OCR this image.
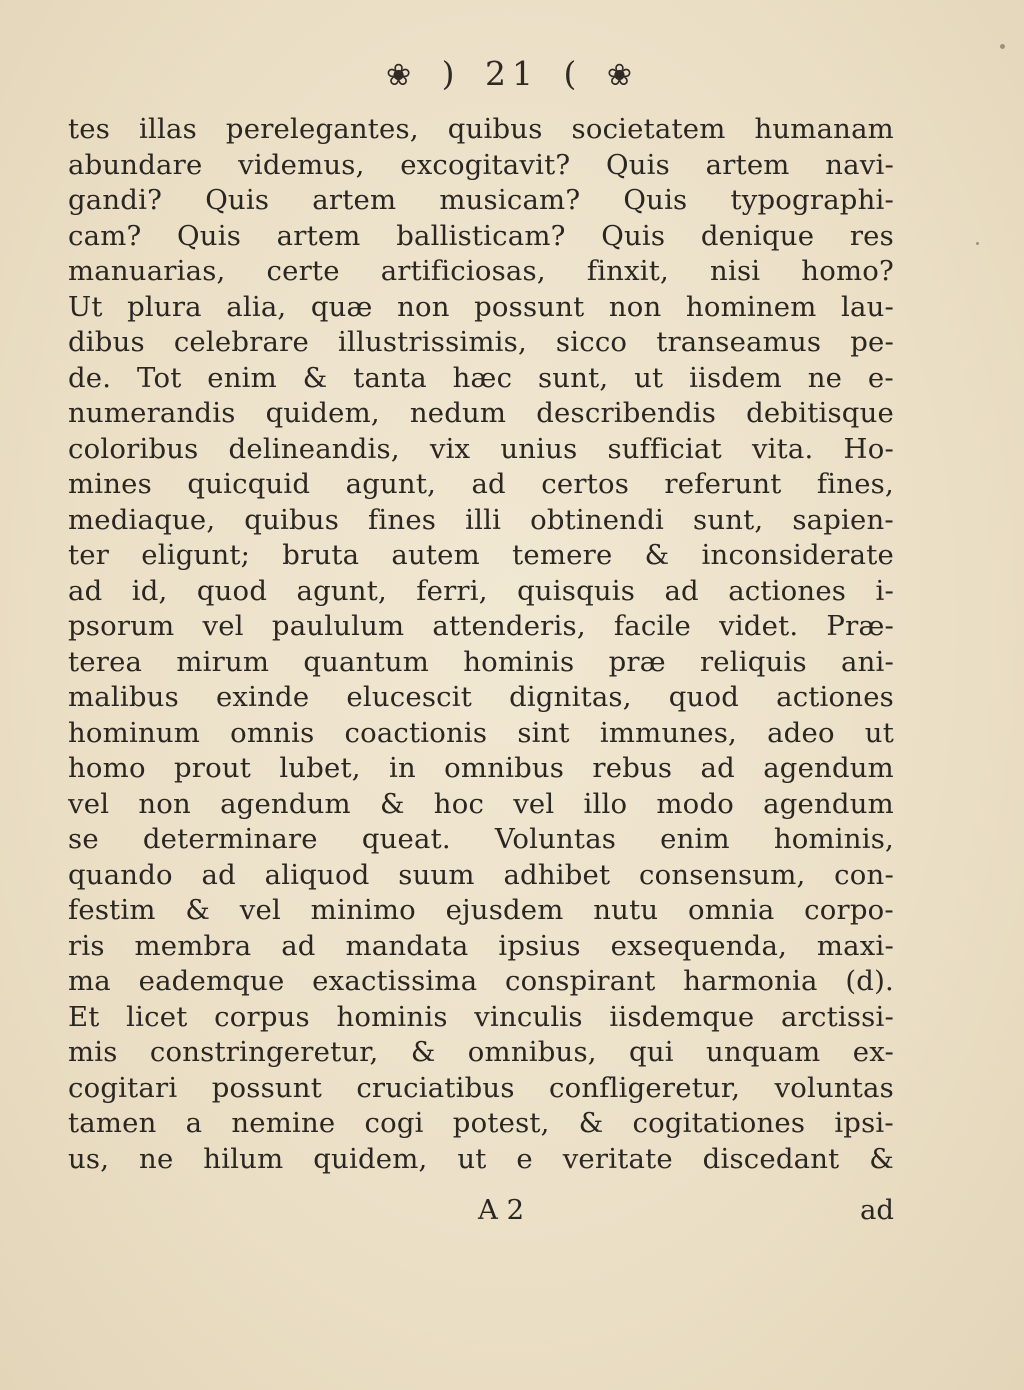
❀ ) 21 ( ❀
tes illas perelegantes, quibus societatem humanam
abundare videmus, excogitavit? Quis artem navi-
gandi? Quis artem musicam? Quis typographi-
cam? Quis artem ballisticam? Quis denique res
manuarias, certe artificiosas, finxit, nisi homo?
Ut plura alia, quæ non possunt non hominem lau-
dibus celebrare illustrissimis, sicco transeamus pe-
de. Tot enim & tanta hæc sunt, ut iisdem ne e-
numerandis quidem, nedum describendis debitisque
coloribus delineandis, vix unius sufficiat vita. Ho-
mines quicquid agunt, ad certos referunt fines,
mediaque, quibus fines illi obtinendi sunt, sapien-
ter eligunt; bruta autem temere & inconsiderate
ad id, quod agunt, ferri, quisquis ad actiones i-
psorum vel paululum attenderis, facile videt. Præ-
terea mirum quantum hominis præ reliquis ani-
malibus exinde elucescit dignitas, quod actiones
hominum omnis coactionis sint immunes, adeo ut
homo prout lubet, in omnibus rebus ad agendum
vel non agendum & hoc vel illo modo agendum
se determinare queat. Voluntas enim hominis,
quando ad aliquod suum adhibet consensum, con-
festim & vel minimo ejusdem nutu omnia corpo-
ris membra ad mandata ipsius exsequenda, maxi-
ma eademque exactissima conspirant harmonia (d).
Et licet corpus hominis vinculis iisdemque arctissi-
mis constringeretur, & omnibus, qui unquam ex-
cogitari possunt cruciatibus confligeretur, voluntas
tamen a nemine cogi potest, & cogitationes ipsi-
us, ne hilum quidem, ut e veritate discedant &
A 2	ad
